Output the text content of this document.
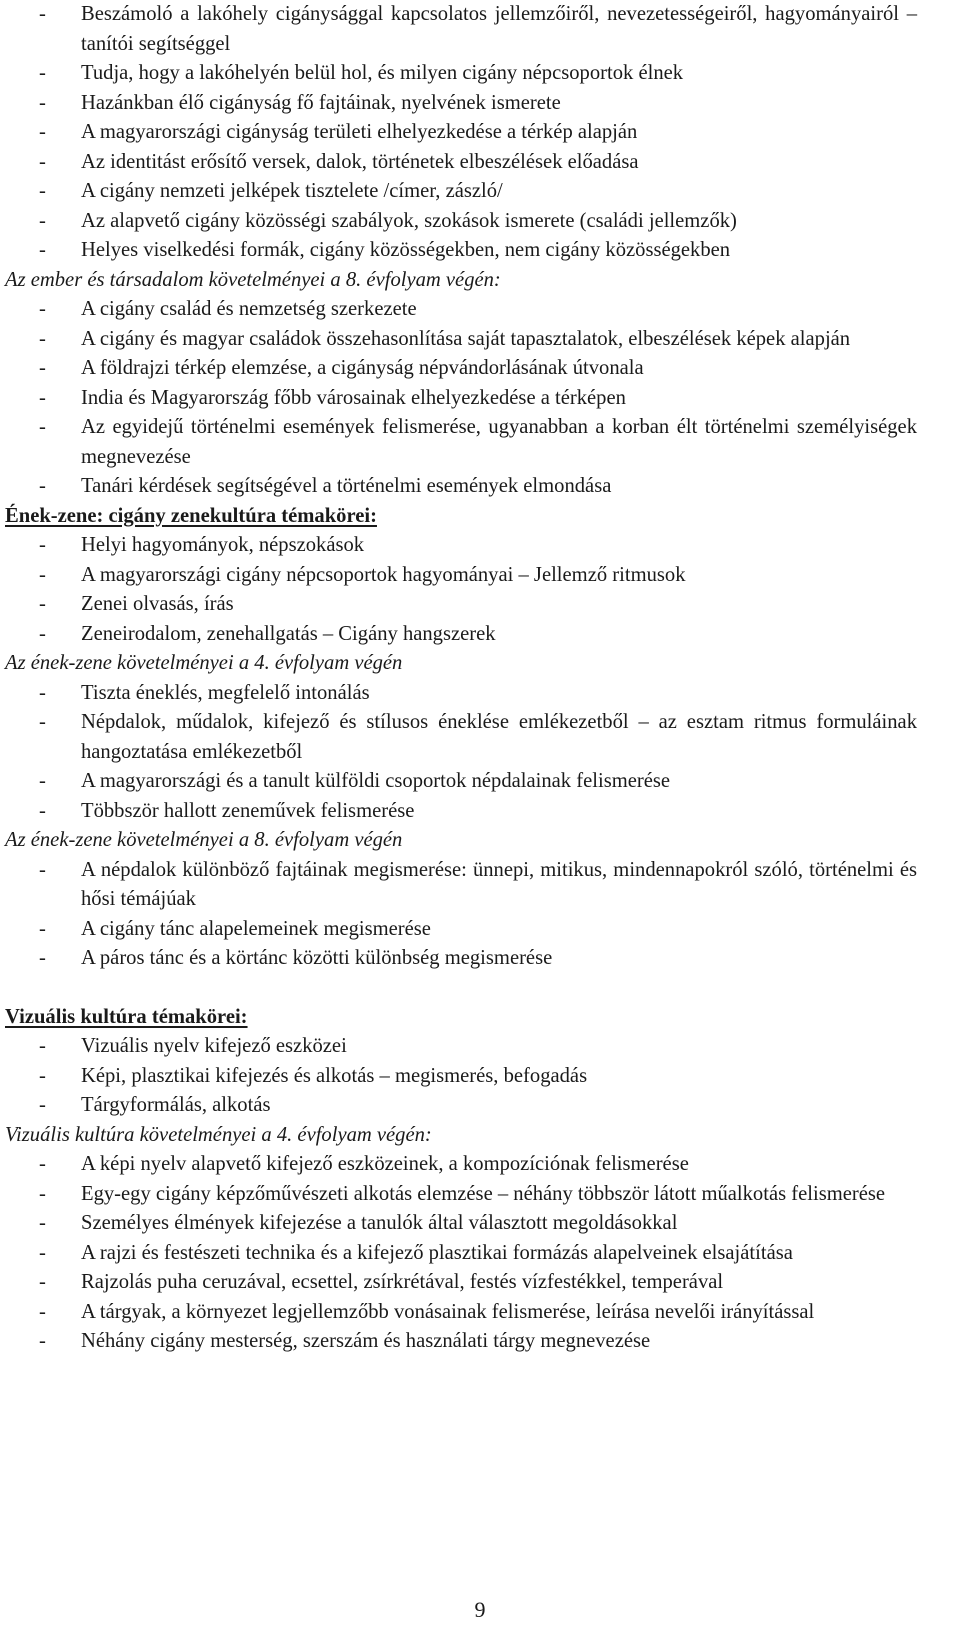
- Beszámoló a lakóhely cigánysággal kapcsolatos jellemzőiről, nevezetességeiről, hagyományairól – tanítói segítséggel
- Tudja, hogy a lakóhelyén belül hol, és milyen cigány népcsoportok élnek
- Hazánkban élő cigányság fő fajtáinak, nyelvének ismerete
- A magyarországi cigányság területi elhelyezkedése a térkép alapján
- Az identitást erősítő versek, dalok, történetek elbeszélések előadása
- A cigány nemzeti jelképek tisztelete /címer, zászló/
- Az alapvető cigány közösségi szabályok, szokások ismerete (családi jellemzők)
- Helyes viselkedési formák, cigány közösségekben, nem cigány közösségekben
Az ember és társadalom követelményei a 8. évfolyam végén:
- A cigány család és nemzetség szerkezete
- A cigány és magyar családok összehasonlítása saját tapasztalatok, elbeszélések képek alapján
- A földrajzi térkép elemzése, a cigányság népvándorlásának útvonala
- India és Magyarország főbb városainak elhelyezkedése a térképen
- Az egyidejű történelmi események felismerése, ugyanabban a korban élt történelmi személyiségek megnevezése
- Tanári kérdések segítségével a történelmi események elmondása
Ének-zene: cigány zenekultúra témakörei:
- Helyi hagyományok, népszokások
- A magyarországi cigány népcsoportok hagyományai – Jellemző ritmusok
- Zenei olvasás, írás
- Zeneirodalom, zenehallgatás – Cigány hangszerek
Az ének-zene követelményei a 4. évfolyam végén
- Tiszta éneklés, megfelelő intonálás
- Népdalok, műdalok, kifejező és stílusos éneklése emlékezetből – az esztam ritmus formuláinak hangoztatása emlékezetből
- A magyarországi és a tanult külföldi csoportok népdalainak felismerése
- Többször hallott zeneművek felismerése
Az ének-zene követelményei a 8. évfolyam végén
- A népdalok különböző fajtáinak megismerése: ünnepi, mitikus, mindennapokról szóló, történelmi és hősi témájúak
- A cigány tánc alapelemeinek megismerése
- A páros tánc és a körtánc közötti különbség megismerése
Vizuális kultúra témakörei:
- Vizuális nyelv kifejező eszközei
- Képi, plasztikai kifejezés és alkotás – megismerés, befogadás
- Tárgyformálás, alkotás
Vizuális kultúra követelményei a 4. évfolyam végén:
- A képi nyelv alapvető kifejező eszközeinek, a kompozíciónak felismerése
- Egy-egy cigány képzőművészeti alkotás elemzése – néhány többször látott műalkotás felismerése
- Személyes élmények kifejezése a tanulók által választott megoldásokkal
- A rajzi és festészeti technika és a kifejező plasztikai formázás alapelveinek elsajátítása
- Rajzolás puha ceruzával, ecsettel, zsírkrétával, festés vízfestékkel, temperával
- A tárgyak, a környezet legjellemzőbb vonásainak felismerése, leírása nevelői irányítással
- Néhány cigány mesterség, szerszám és használati tárgy megnevezése
9
